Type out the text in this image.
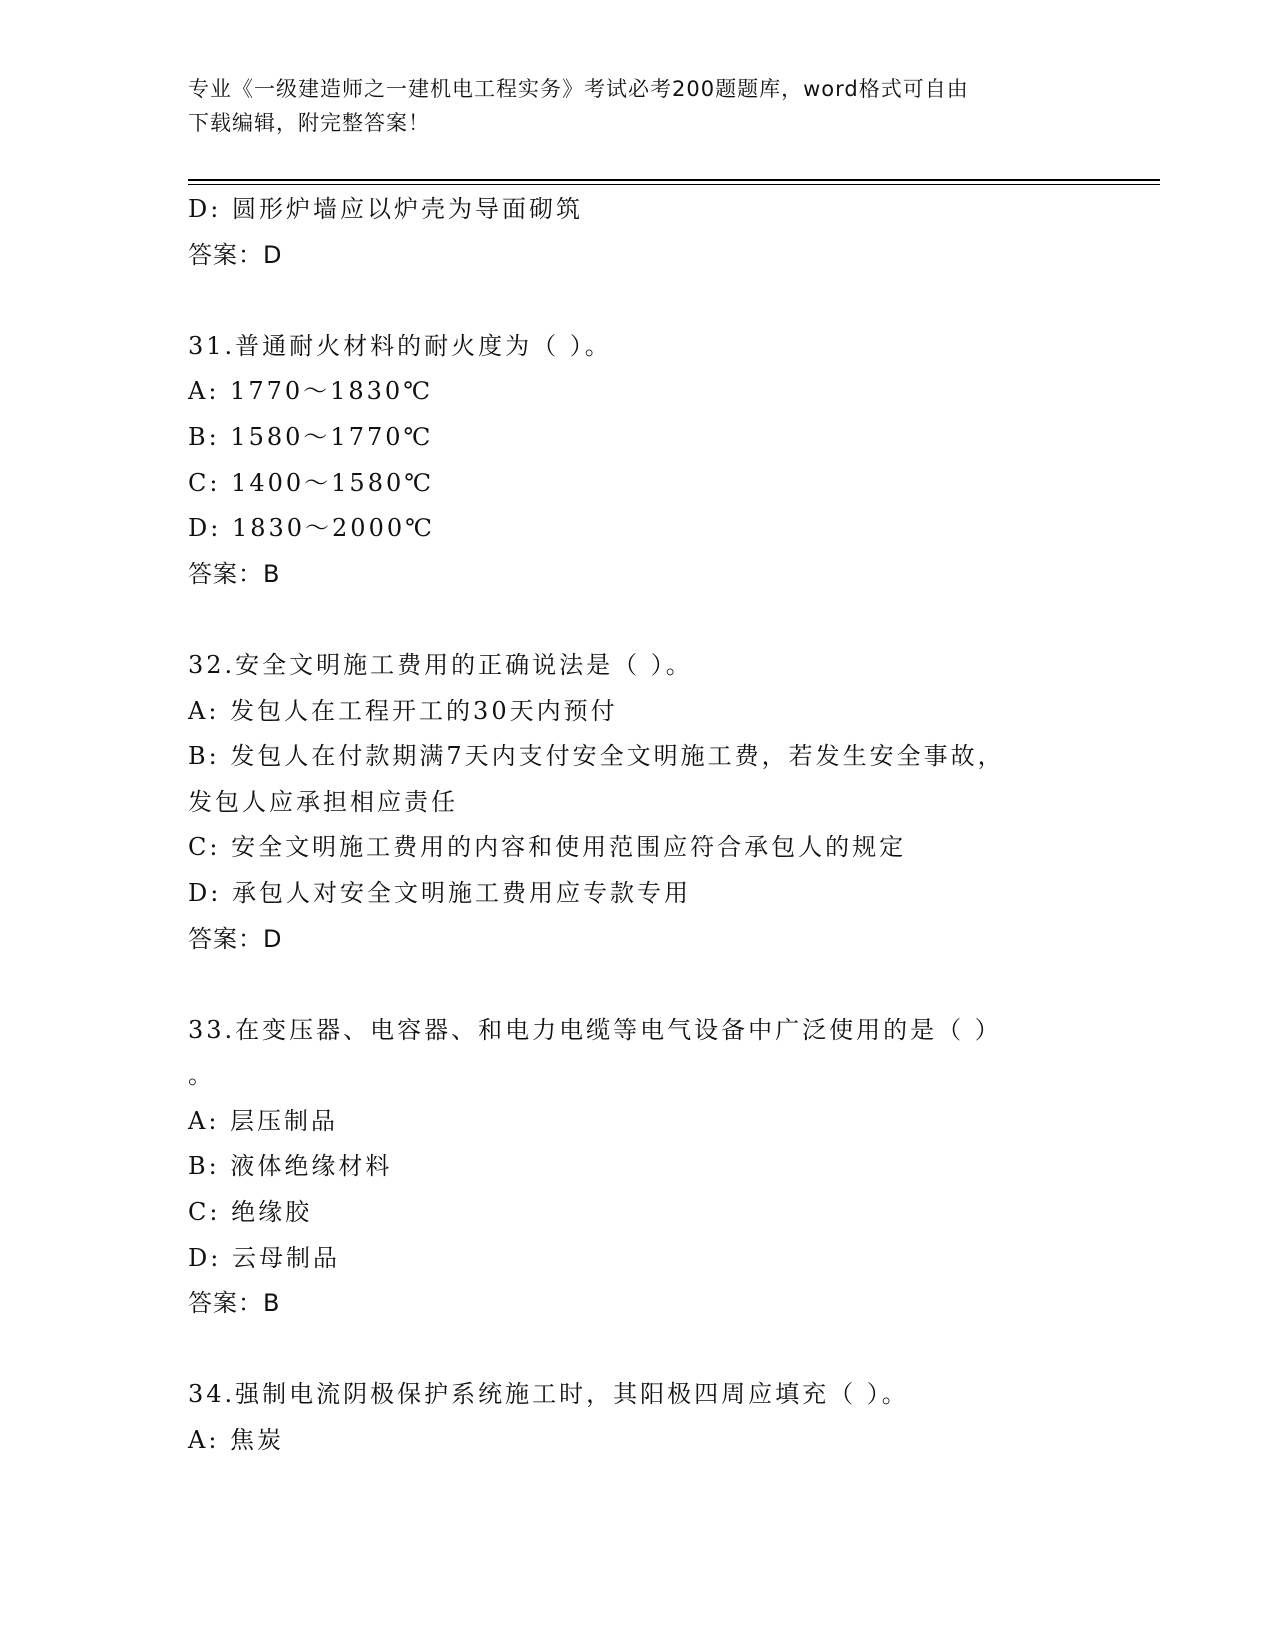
专业《一级建造师之一建机电工程实务》考试必考200题题库，word格式可自由
下载编辑，附完整答案！
D: 圆形炉墙应以炉壳为导面砌筑
答案：D
31.普通耐火材料的耐火度为（ ）。
A: 1770～1830℃
B: 1580～1770℃
C: 1400～1580℃
D: 1830～2000℃
答案：B
32.安全文明施工费用的正确说法是（ ）。
A: 发包人在工程开工的30天内预付
B: 发包人在付款期满7天内支付安全文明施工费，若发生安全事故，
发包人应承担相应责任
C: 安全文明施工费用的内容和使用范围应符合承包人的规定
D: 承包人对安全文明施工费用应专款专用
答案：D
33.在变压器、电容器、和电力电缆等电气设备中广泛使用的是（ ）
。
A: 层压制品
B: 液体绝缘材料
C: 绝缘胶
D: 云母制品
答案：B
34.强制电流阴极保护系统施工时，其阳极四周应填充（ ）。
A: 焦炭
